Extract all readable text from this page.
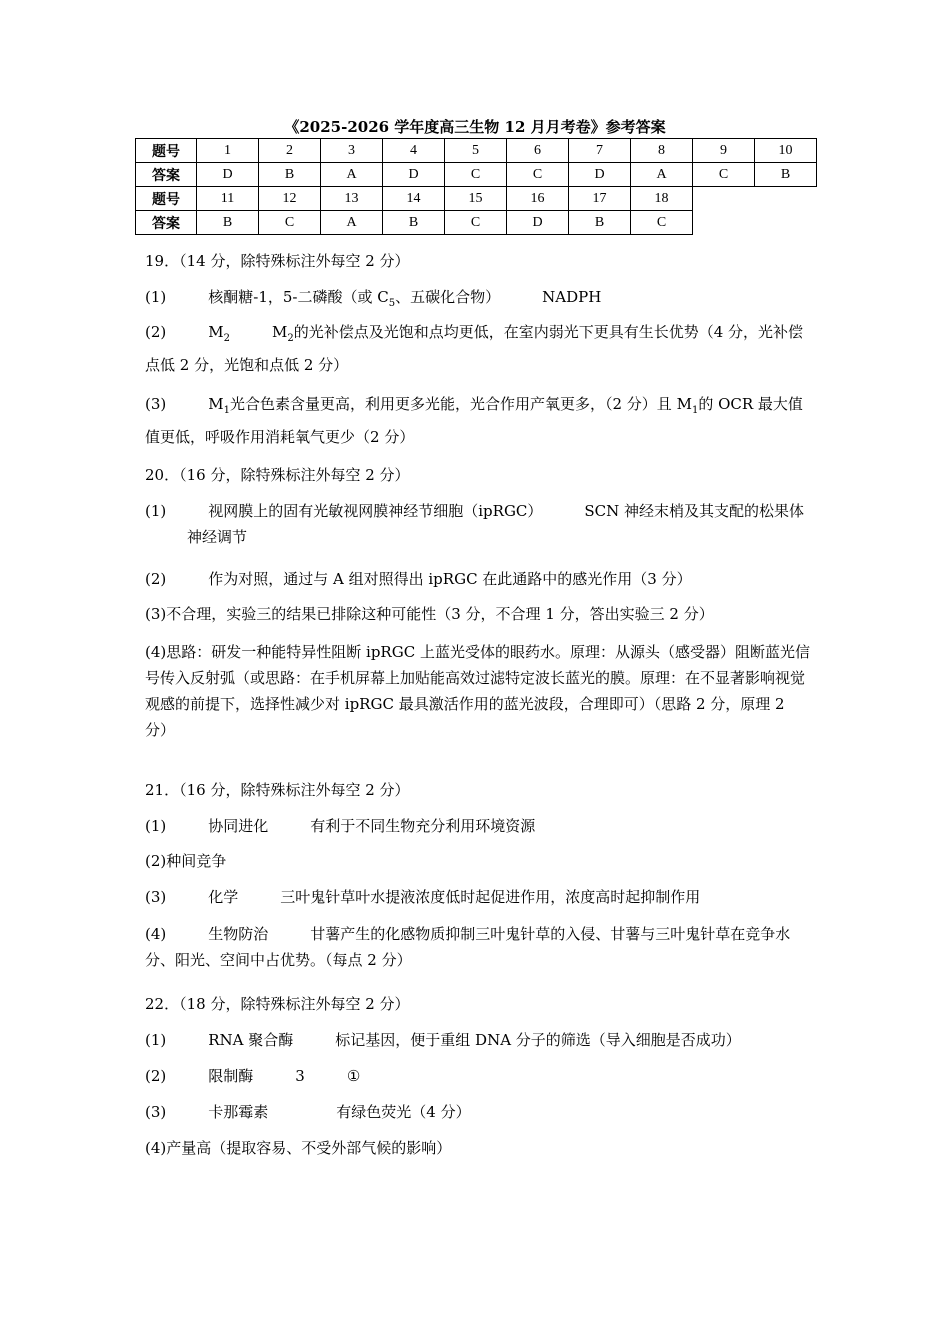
《2025-2026 学年度高三生物 12 月月考卷》参考答案
题号	1	2	3	4	5	6	7	8	9	10
答案	D	B	A	D	C	C	D	A	C	B
题号	11	12	13	14	15	16	17	18		
答案	B	C	A	B	C	D	B	C		
19．（14 分，除特殊标注外每空 2 分）
(1)	核酮糖-1，5-二磷酸（或 $C_5$、五碳化合物）	NADPH
(2)	$M_2$	$M_2$的光补偿点及光饱和点均更低，在室内弱光下更具有生长优势（4 分，光补偿点低 2 分，光饱和点低 2 分）
(3)	$M_1$光合色素含量更高，利用更多光能，光合作用产氧更多，（2 分）且 $M_1$的 OCR 最大值值更低，呼吸作用消耗氧气更少（2 分）
20．（16 分，除特殊标注外每空 2 分）
(1)	视网膜上的固有光敏视网膜神经节细胞（ipRGC）	SCN 神经末梢及其支配的松果体神经调节
(2)	作为对照，通过与 A 组对照得出 ipRGC 在此通路中的感光作用（3 分）
(3)不合理，实验三的结果已排除这种可能性（3 分，不合理 1 分，答出实验三 2 分）
(4)思路：研发一种能特异性阻断 ipRGC 上蓝光受体的眼药水。原理：从源头（感受器）阻断蓝光信号传入反射弧（或思路：在手机屏幕上加贴能高效过滤特定波长蓝光的膜。原理：在不显著影响视觉观感的前提下，选择性减少对 ipRGC 最具激活作用的蓝光波段，合理即可）（思路 2 分，原理 2 分）
21．（16 分，除特殊标注外每空 2 分）
(1)	协同进化	有利于不同生物充分利用环境资源
(2)种间竞争
(3)	化学	三叶鬼针草叶水提液浓度低时起促进作用，浓度高时起抑制作用
(4)	生物防治	甘薯产生的化感物质抑制三叶鬼针草的入侵、甘薯与三叶鬼针草在竞争水分、阳光、空间中占优势。（每点 2 分）
22．（18 分，除特殊标注外每空 2 分）
(1)	RNA 聚合酶	标记基因，便于重组 DNA 分子的筛选（导入细胞是否成功）
(2)	限制酶	3	①
(3)	卡那霉素	有绿色荧光（4 分）
(4)产量高（提取容易、不受外部气候的影响）
